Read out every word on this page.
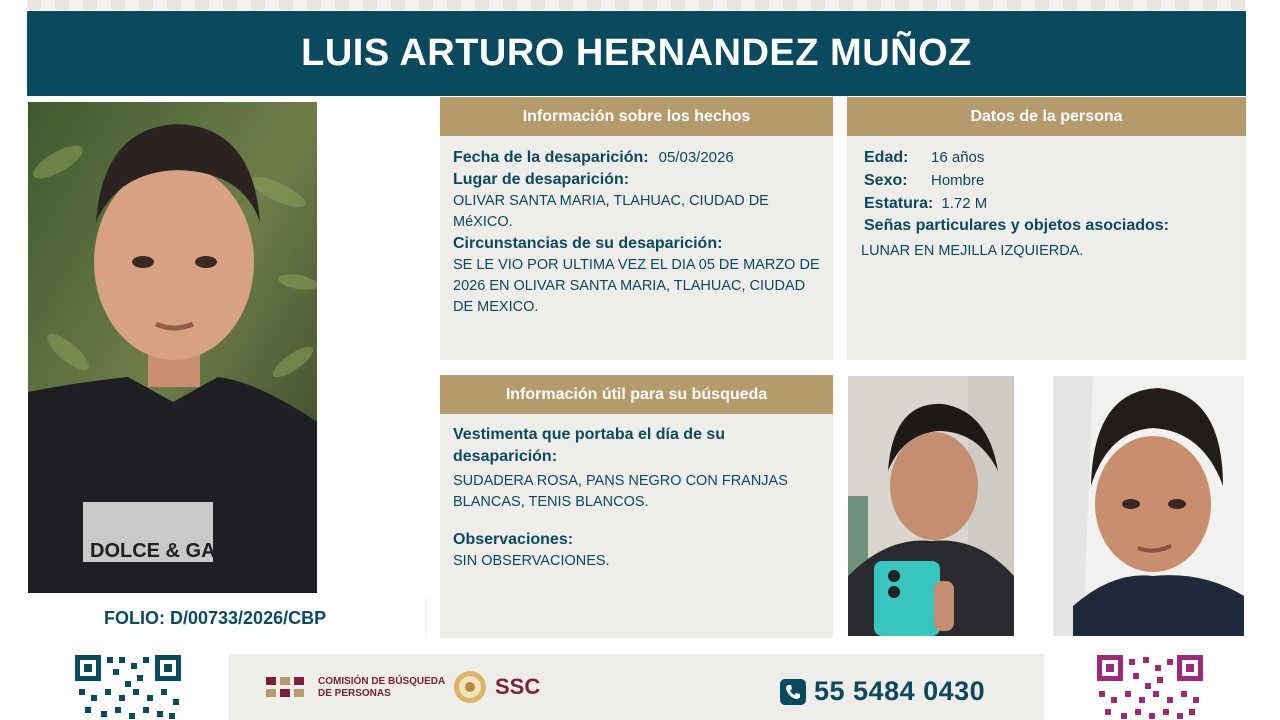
LUIS ARTURO HERNANDEZ MUÑOZ
DOLCE & GABBANA
FOLIO: D/00733/2026/CBP
Información sobre los hechos
Fecha de la desaparición: 05/03/2026
Lugar de desaparición:
OLIVAR SANTA MARIA, TLAHUAC, CIUDAD DE MéXICO.
Circunstancias de su desaparición:
SE LE VIO POR ULTIMA VEZ EL DIA 05 DE MARZO DE 2026 EN OLIVAR SANTA MARIA, TLAHUAC, CIUDAD DE MEXICO.
Datos de la persona
Edad:	16 años
Sexo:	Hombre
Estatura: 1.72 M
Señas particulares y objetos asociados:
LUNAR EN MEJILLA IZQUIERDA.
Información útil para su búsqueda
Vestimenta que portaba el día de su desaparición:
SUDADERA ROSA, PANS NEGRO CON FRANJAS BLANCAS, TENIS BLANCOS.
Observaciones:
SIN OBSERVACIONES.
COMISIÓN DE BÚSQUEDA
DE PERSONAS	SSC	55 5484 0430
